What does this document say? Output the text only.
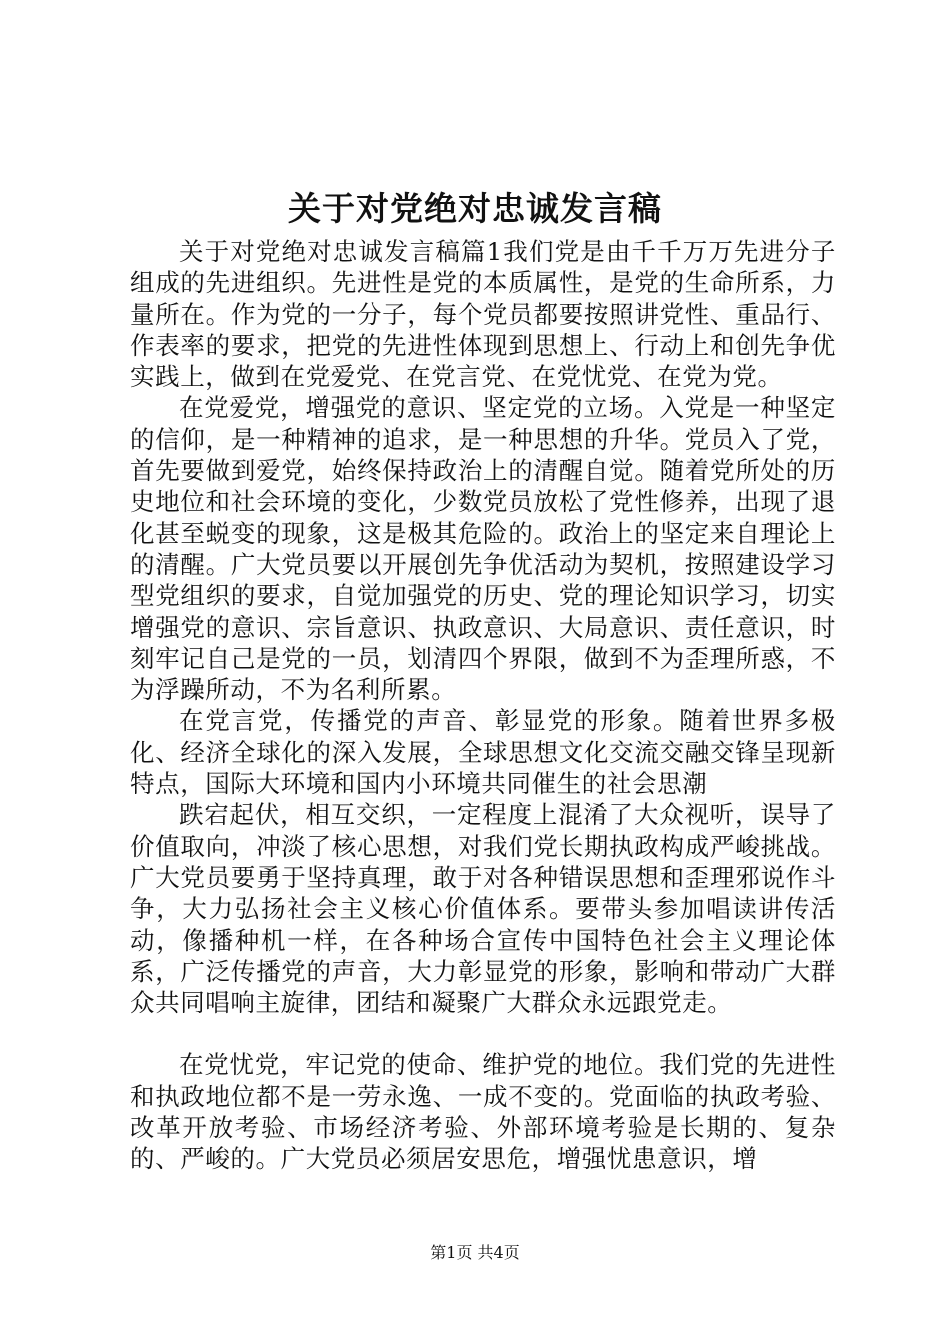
关于对党绝对忠诚发言稿

关于对党绝对忠诚发言稿篇1我们党是由千千万万先进分子组成的先进组织。先进性是党的本质属性，是党的生命所系，力量所在。作为党的一分子，每个党员都要按照讲党性、重品行、作表率的要求，把党的先进性体现到思想上、行动上和创先争优实践上，做到在党爱党、在党言党、在党忧党、在党为党。

在党爱党，增强党的意识、坚定党的立场。入党是一种坚定的信仰，是一种精神的追求，是一种思想的升华。党员入了党，首先要做到爱党，始终保持政治上的清醒自觉。随着党所处的历史地位和社会环境的变化，少数党员放松了党性修养，出现了退化甚至蜕变的现象，这是极其危险的。政治上的坚定来自理论上的清醒。广大党员要以开展创先争优活动为契机，按照建设学习型党组织的要求，自觉加强党的历史、党的理论知识学习，切实增强党的意识、宗旨意识、执政意识、大局意识、责任意识，时刻牢记自己是党的一员，划清四个界限，做到不为歪理所惑，不为浮躁所动，不为名利所累。

在党言党，传播党的声音、彰显党的形象。随着世界多极化、经济全球化的深入发展，全球思想文化交流交融交锋呈现新特点，国际大环境和国内小环境共同催生的社会思潮

跌宕起伏，相互交织，一定程度上混淆了大众视听，误导了价值取向，冲淡了核心思想，对我们党长期执政构成严峻挑战。广大党员要勇于坚持真理，敢于对各种错误思想和歪理邪说作斗争，大力弘扬社会主义核心价值体系。要带头参加唱读讲传活动，像播种机一样，在各种场合宣传中国特色社会主义理论体系，广泛传播党的声音，大力彰显党的形象，影响和带动广大群众共同唱响主旋律，团结和凝聚广大群众永远跟党走。

在党忧党，牢记党的使命、维护党的地位。我们党的先进性和执政地位都不是一劳永逸、一成不变的。党面临的执政考验、改革开放考验、市场经济考验、外部环境考验是长期的、复杂的、严峻的。广大党员必须居安思危，增强忧患意识，增

第1页 共4页
